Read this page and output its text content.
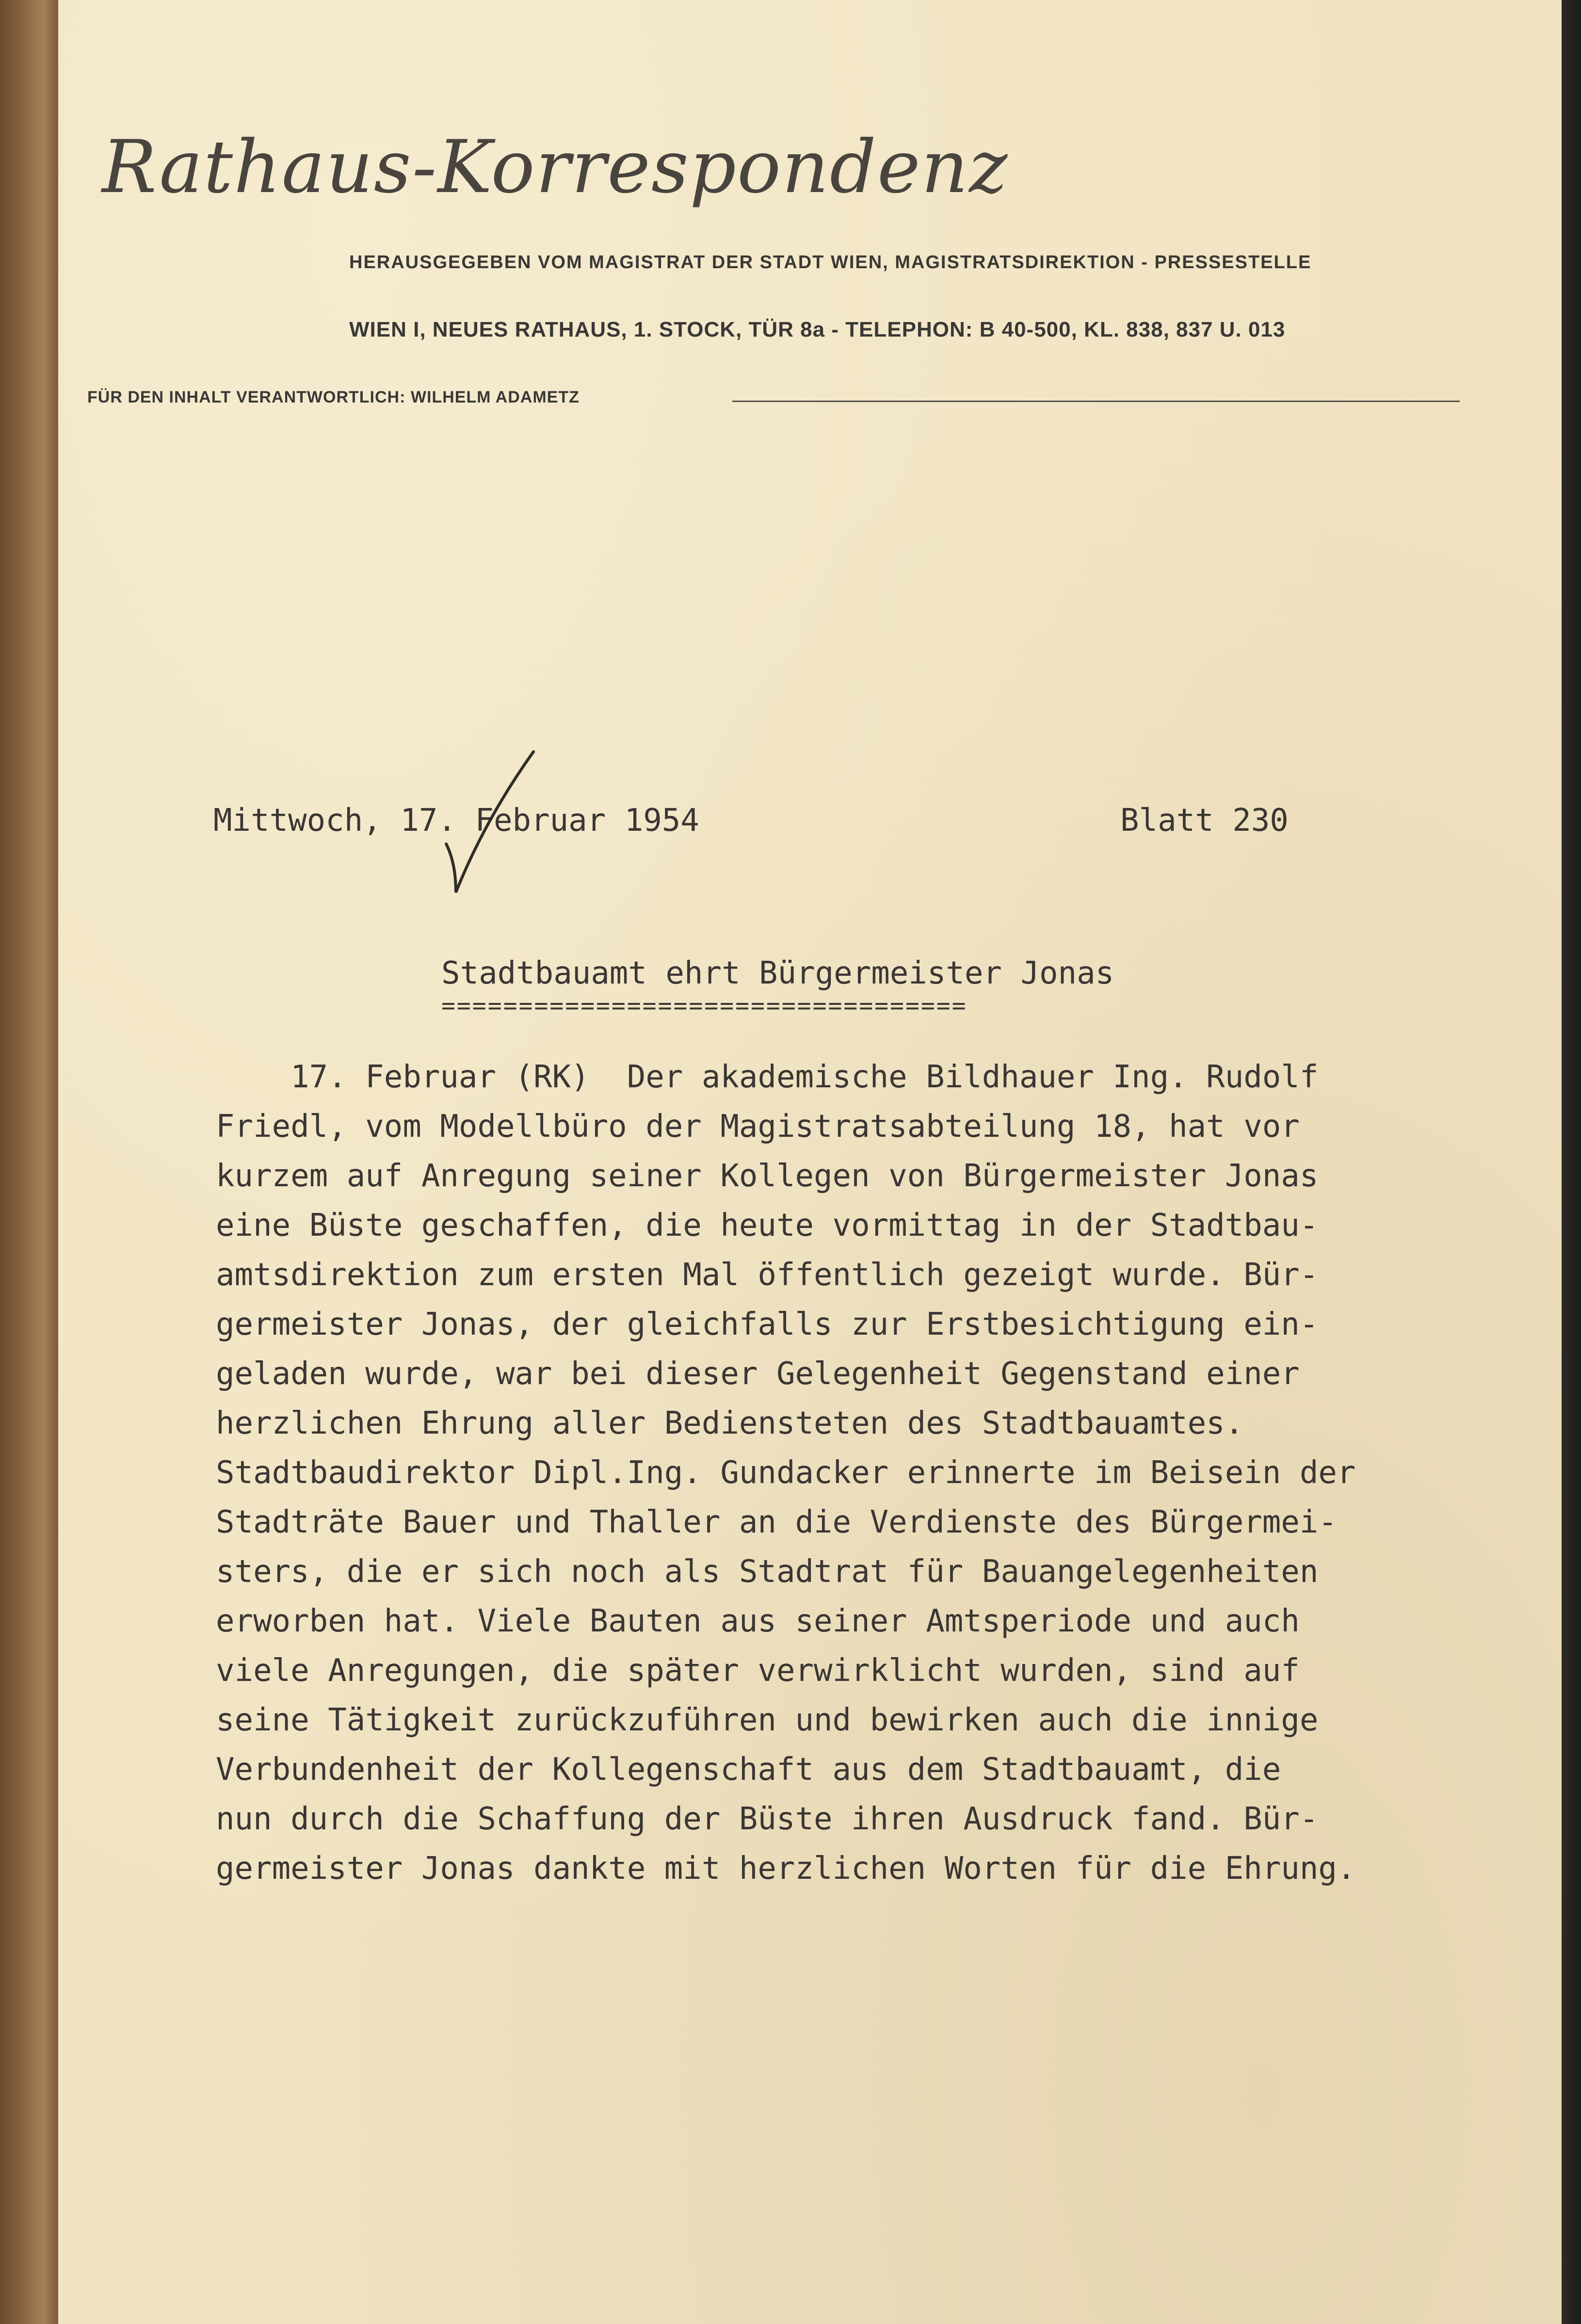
Rathaus-Korrespondenz
HERAUSGEGEBEN VOM MAGISTRAT DER STADT WIEN, MAGISTRATSDIREKTION - PRESSESTELLE
WIEN I, NEUES RATHAUS, 1. STOCK, TÜR 8a - TELEPHON: B 40-500, KL. 838, 837 U. 013
FÜR DEN INHALT VERANTWORTLICH: WILHELM ADAMETZ
Mittwoch, 17. Februar 1954	Blatt 230
Stadtbauamt ehrt Bürgermeister Jonas
==================================
17. Februar (RK)  Der akademische Bildhauer Ing. Rudolf
Friedl, vom Modellbüro der Magistratsabteilung 18, hat vor
kurzem auf Anregung seiner Kollegen von Bürgermeister Jonas
eine Büste geschaffen, die heute vormittag in der Stadtbau-
amtsdirektion zum ersten Mal öffentlich gezeigt wurde. Bür-
germeister Jonas, der gleichfalls zur Erstbesichtigung ein-
geladen wurde, war bei dieser Gelegenheit Gegenstand einer
herzlichen Ehrung aller Bediensteten des Stadtbauamtes.
Stadtbaudirektor Dipl.Ing. Gundacker erinnerte im Beisein der
Stadträte Bauer und Thaller an die Verdienste des Bürgermei-
sters, die er sich noch als Stadtrat für Bauangelegenheiten
erworben hat. Viele Bauten aus seiner Amtsperiode und auch
viele Anregungen, die später verwirklicht wurden, sind auf
seine Tätigkeit zurückzuführen und bewirken auch die innige
Verbundenheit der Kollegenschaft aus dem Stadtbauamt, die
nun durch die Schaffung der Büste ihren Ausdruck fand. Bür-
germeister Jonas dankte mit herzlichen Worten für die Ehrung.
